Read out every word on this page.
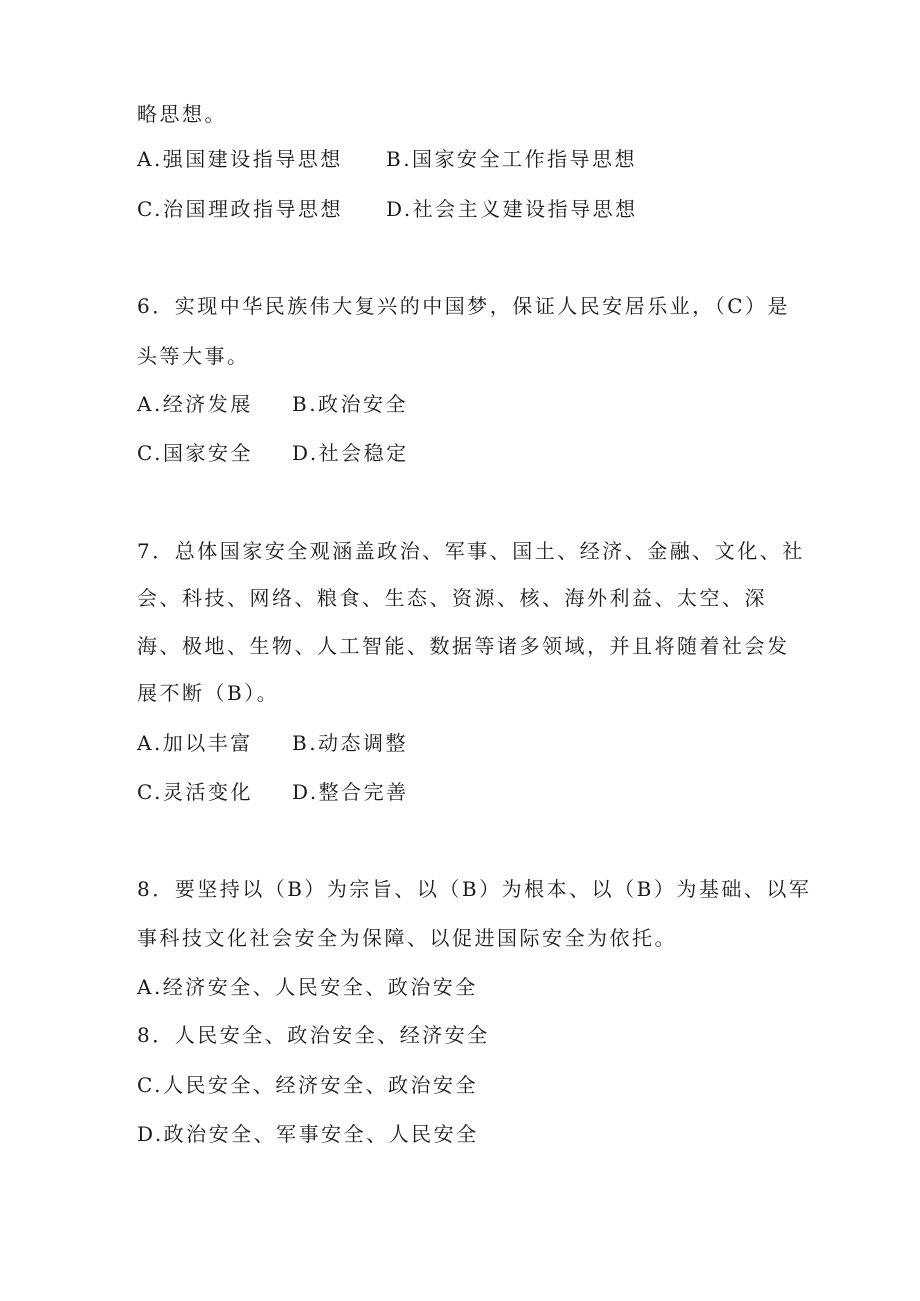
略思想。
A.强国建设指导思想 B.国家安全工作指导思想
C.治国理政指导思想 D.社会主义建设指导思想
6．实现中华民族伟大复兴的中国梦，保证人民安居乐业，（C）是
头等大事。
A.经济发展 B.政治安全
C.国家安全 D.社会稳定
7．总体国家安全观涵盖政治、军事、国土、经济、金融、文化、社
会、科技、网络、粮食、生态、资源、核、海外利益、太空、深
海、极地、生物、人工智能、数据等诸多领域，并且将随着社会发
展不断（B）。
A.加以丰富 B.动态调整
C.灵活变化 D.整合完善
8．要坚持以（B）为宗旨、以（B）为根本、以（B）为基础、以军
事科技文化社会安全为保障、以促进国际安全为依托。
A.经济安全、人民安全、政治安全
8．人民安全、政治安全、经济安全
C.人民安全、经济安全、政治安全
D.政治安全、军事安全、人民安全
